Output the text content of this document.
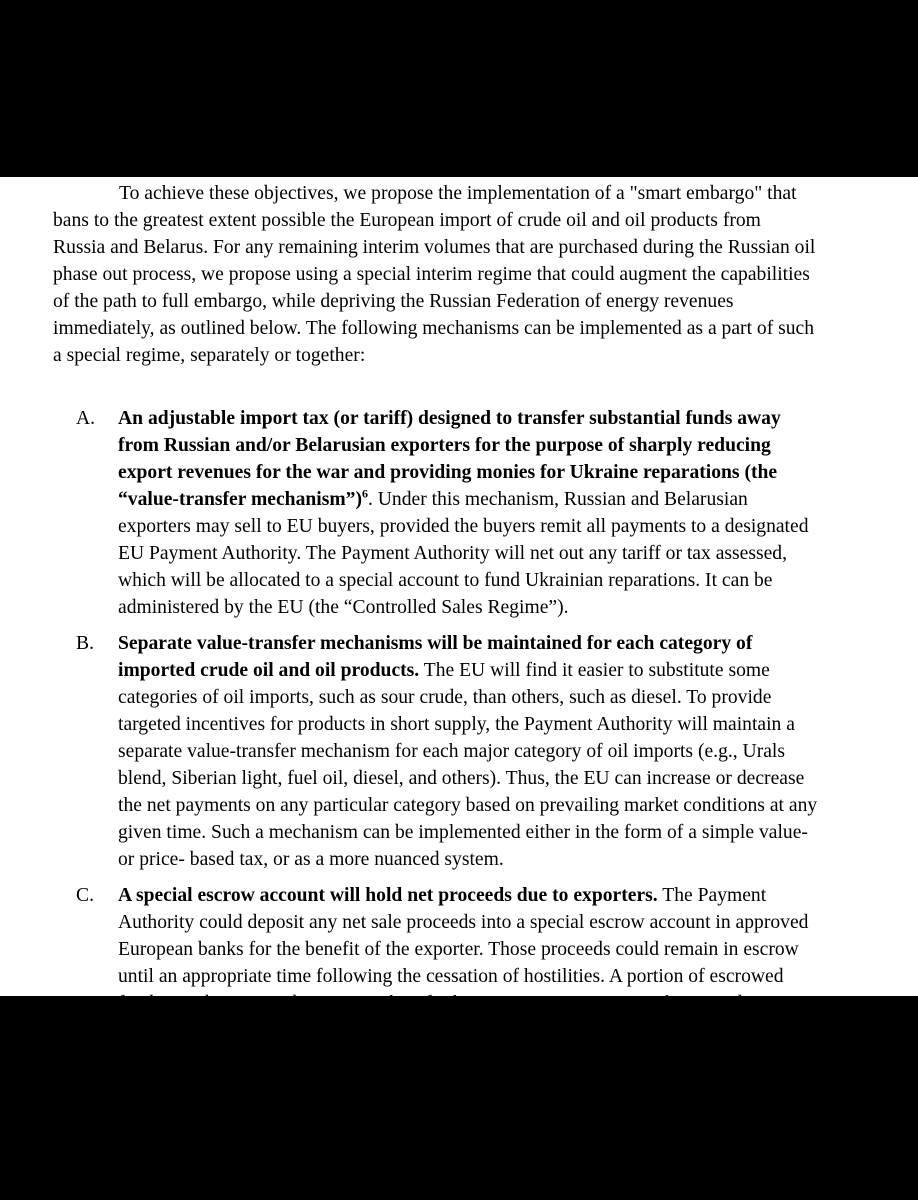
To achieve these objectives, we propose the implementation of a "smart embargo" that
bans to the greatest extent possible the European import of crude oil and oil products from
Russia and Belarus. For any remaining interim volumes that are purchased during the Russian oil
phase out process, we propose using a special interim regime that could augment the capabilities
of the path to full embargo, while depriving the Russian Federation of energy revenues
immediately, as outlined below. The following mechanisms can be implemented as a part of such
a special regime, separately or together:
A. An adjustable import tax (or tariff) designed to transfer substantial funds away
from Russian and/or Belarusian exporters for the purpose of sharply reducing
export revenues for the war and providing monies for Ukraine reparations (the
“value-transfer mechanism”)$^6$. Under this mechanism, Russian and Belarusian
exporters may sell to EU buyers, provided the buyers remit all payments to a designated
EU Payment Authority. The Payment Authority will net out any tariff or tax assessed,
which will be allocated to a special account to fund Ukrainian reparations. It can be
administered by the EU (the “Controlled Sales Regime”).
B. Separate value-transfer mechanisms will be maintained for each category of
imported crude oil and oil products. The EU will find it easier to substitute some
categories of oil imports, such as sour crude, than others, such as diesel. To provide
targeted incentives for products in short supply, the Payment Authority will maintain a
separate value-transfer mechanism for each major category of oil imports (e.g., Urals
blend, Siberian light, fuel oil, diesel, and others). Thus, the EU can increase or decrease
the net payments on any particular category based on prevailing market conditions at any
given time. Such a mechanism can be implemented either in the form of a simple value-
or price- based tax, or as a more nuanced system.
C. A special escrow account will hold net proceeds due to exporters. The Payment
Authority could deposit any net sale proceeds into a special escrow account in approved
European banks for the benefit of the exporter. Those proceeds could remain in escrow
until an appropriate time following the cessation of hostilities. A portion of escrowed
funds may be accessed sooner, such as for humanitarian purposes, at the EU’s discretion.
